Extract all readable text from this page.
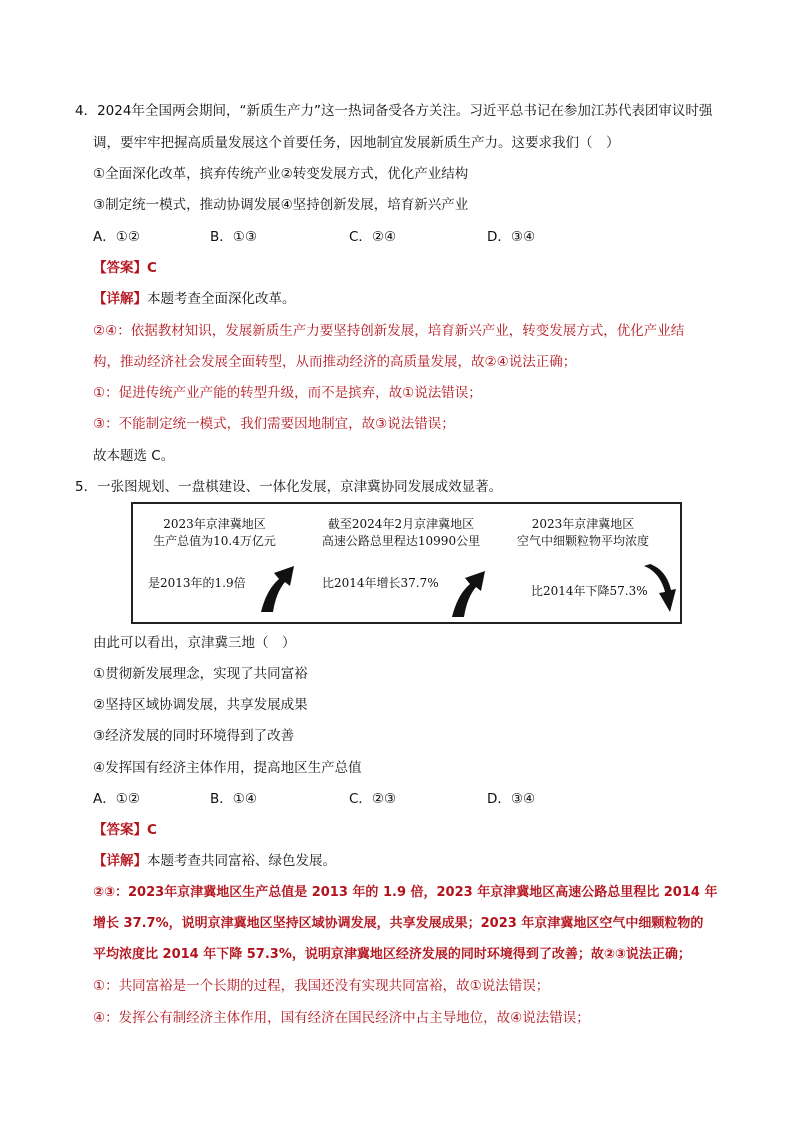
4．2024年全国两会期间，“新质生产力”这一热词备受各方关注。习近平总书记在参加江苏代表团审议时强
调，要牢牢把握高质量发展这个首要任务，因地制宜发展新质生产力。这要求我们（　）
①全面深化改革，摈弃传统产业②转变发展方式，优化产业结构
③制定统一模式，推动协调发展④坚持创新发展，培育新兴产业
A．①②	B．①③	C．②④	D．③④
【答案】C
【详解】本题考查全面深化改革。
②④：依据教材知识，发展新质生产力要坚持创新发展，培育新兴产业，转变发展方式，优化产业结
构，推动经济社会发展全面转型，从而推动经济的高质量发展，故②④说法正确；
①：促进传统产业产能的转型升级，而不是摈弃，故①说法错误；
③：不能制定统一模式，我们需要因地制宜，故③说法错误；
故本题选 C。
5．一张图规划、一盘棋建设、一体化发展，京津冀协同发展成效显著。
2023年京津冀地区
生产总值为10.4万亿元
是2013年的1.9倍
截至2024年2月京津冀地区
高速公路总里程达10990公里
比2014年增长37.7%
2023年京津冀地区
空气中细颗粒物平均浓度
比2014年下降57.3%
由此可以看出，京津冀三地（　）
①贯彻新发展理念，实现了共同富裕
②坚持区域协调发展，共享发展成果
③经济发展的同时环境得到了改善
④发挥国有经济主体作用，提高地区生产总值
A．①②	B．①④	C．②③	D．③④
【答案】C
【详解】本题考查共同富裕、绿色发展。
②③：2023年京津冀地区生产总值是 2013 年的 1.9 倍，2023 年京津冀地区高速公路总里程比 2014 年
增长 37.7%，说明京津冀地区坚持区域协调发展，共享发展成果；2023 年京津冀地区空气中细颗粒物的
平均浓度比 2014 年下降 57.3%，说明京津冀地区经济发展的同时环境得到了改善；故②③说法正确；
①：共同富裕是一个长期的过程，我国还没有实现共同富裕，故①说法错误；
④：发挥公有制经济主体作用，国有经济在国民经济中占主导地位，故④说法错误；
